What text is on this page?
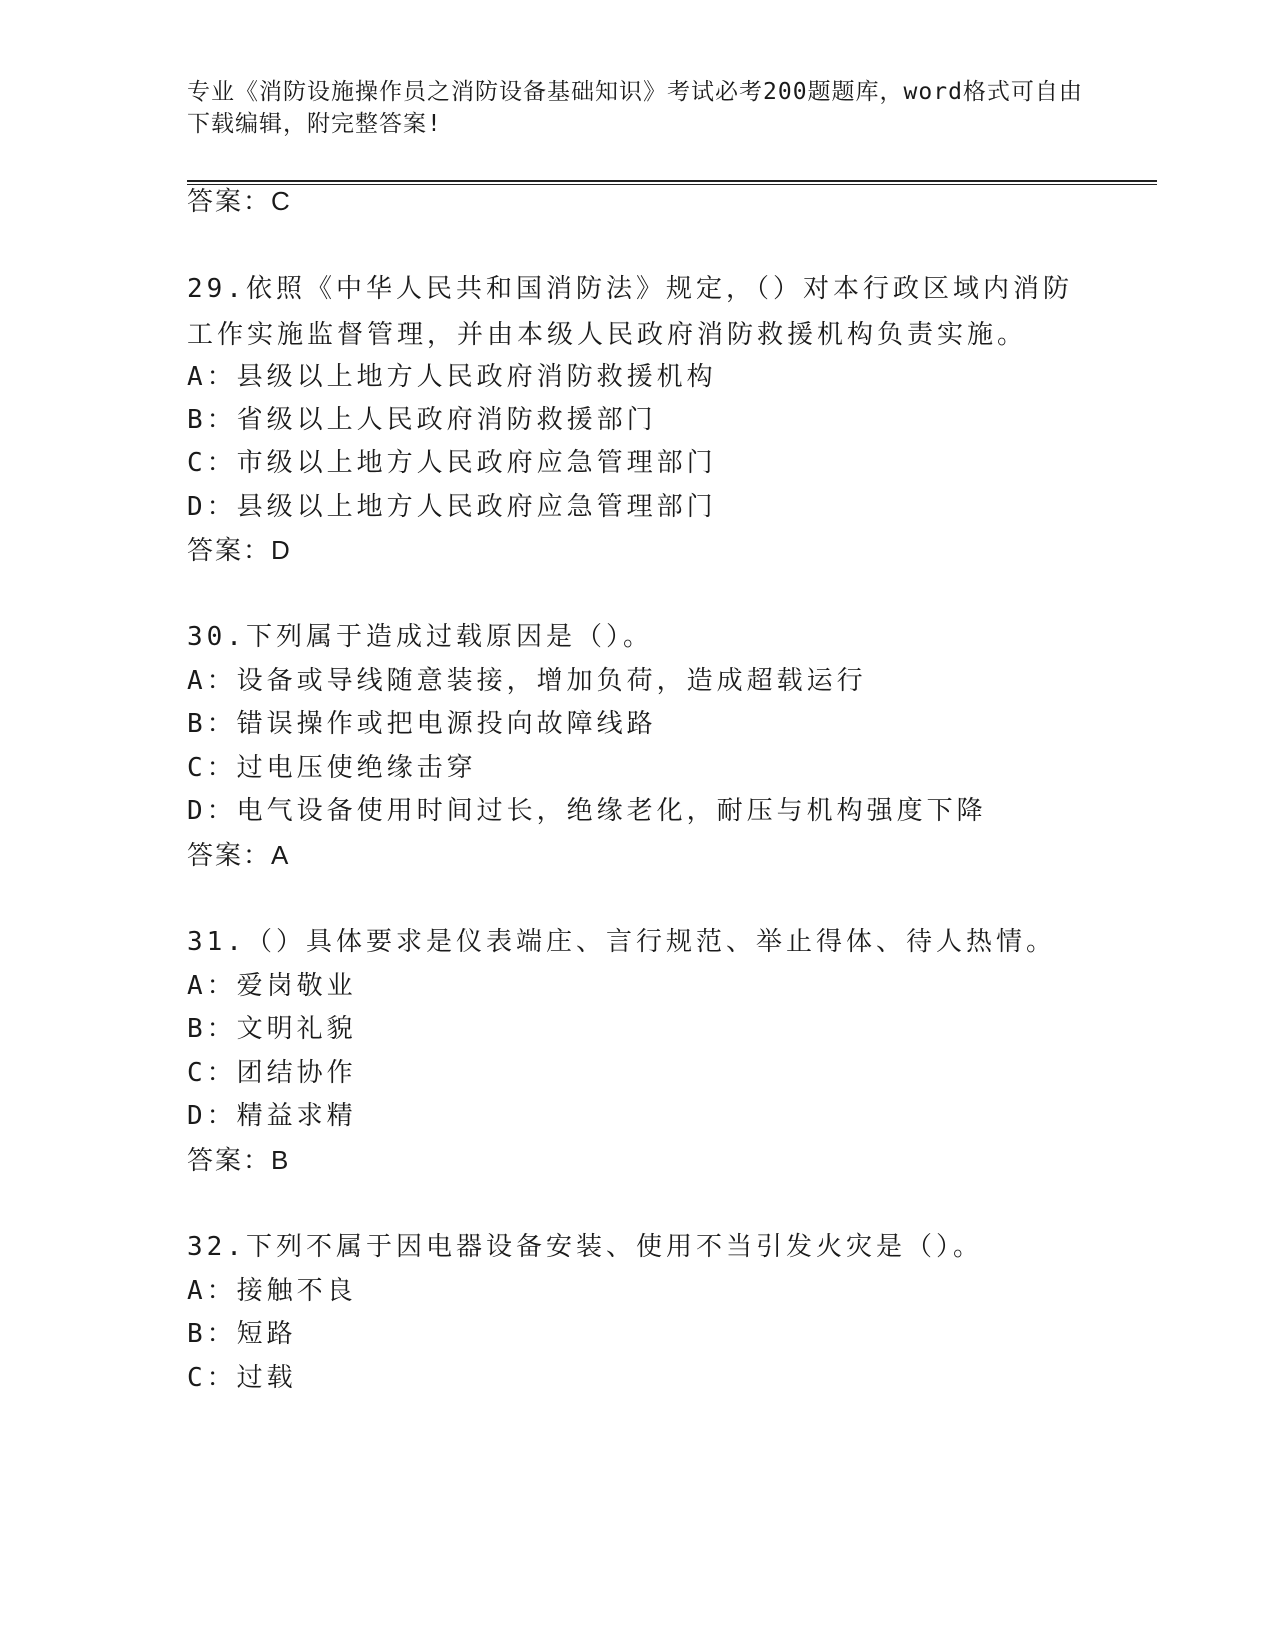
专业《消防设施操作员之消防设备基础知识》考试必考200题题库，word格式可自由下载编辑，附完整答案!
答案：C
29.依照《中华人民共和国消防法》规定，（）对本行政区域内消防工作实施监督管理，并由本级人民政府消防救援机构负责实施。
A：县级以上地方人民政府消防救援机构
B：省级以上人民政府消防救援部门
C：市级以上地方人民政府应急管理部门
D：县级以上地方人民政府应急管理部门
答案：D
30.下列属于造成过载原因是（）。
A：设备或导线随意装接，增加负荷，造成超载运行
B：错误操作或把电源投向故障线路
C：过电压使绝缘击穿
D：电气设备使用时间过长，绝缘老化，耐压与机构强度下降
答案：A
31.（）具体要求是仪表端庄、言行规范、举止得体、待人热情。
A：爱岗敬业
B：文明礼貌
C：团结协作
D：精益求精
答案：B
32.下列不属于因电器设备安装、使用不当引发火灾是（）。
A：接触不良
B：短路
C：过载
